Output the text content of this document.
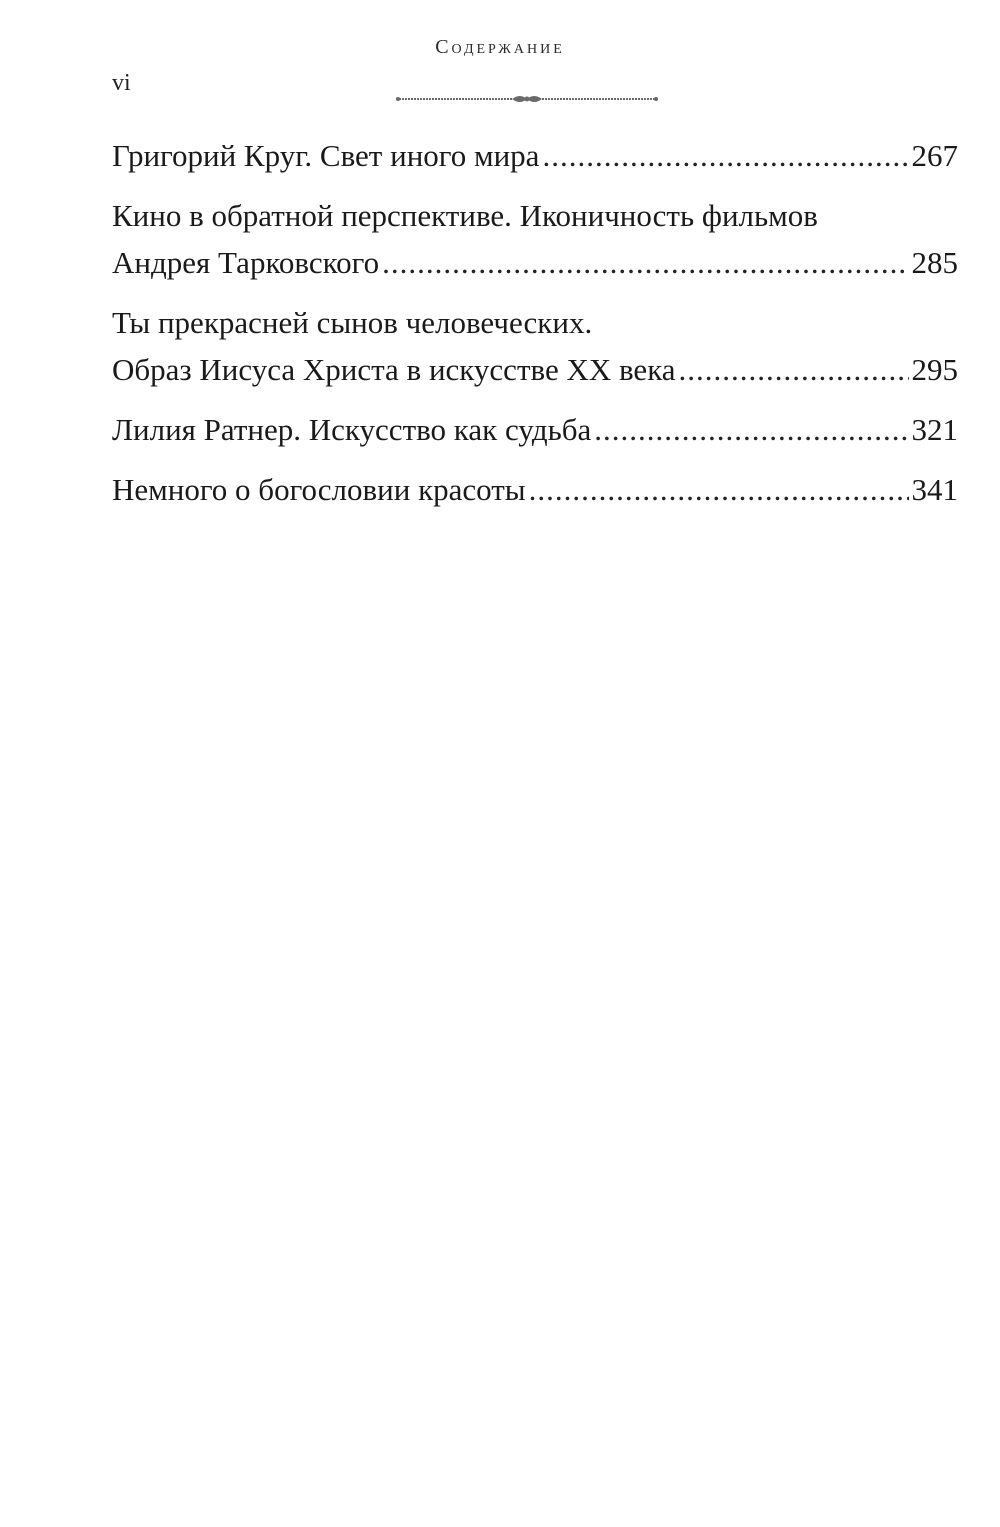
Содержание
vi
Григорий Круг. Свет иного мира .....	267
Кино в обратной перспективе. Иконичность фильмов
Андрея Тарковского .....	285
Ты прекрасней сынов человеческих.
Образ Иисуса Христа в искусстве XX века .....	295
Лилия Ратнер. Искусство как судьба .....	321
Немного о богословии красоты .....	341
